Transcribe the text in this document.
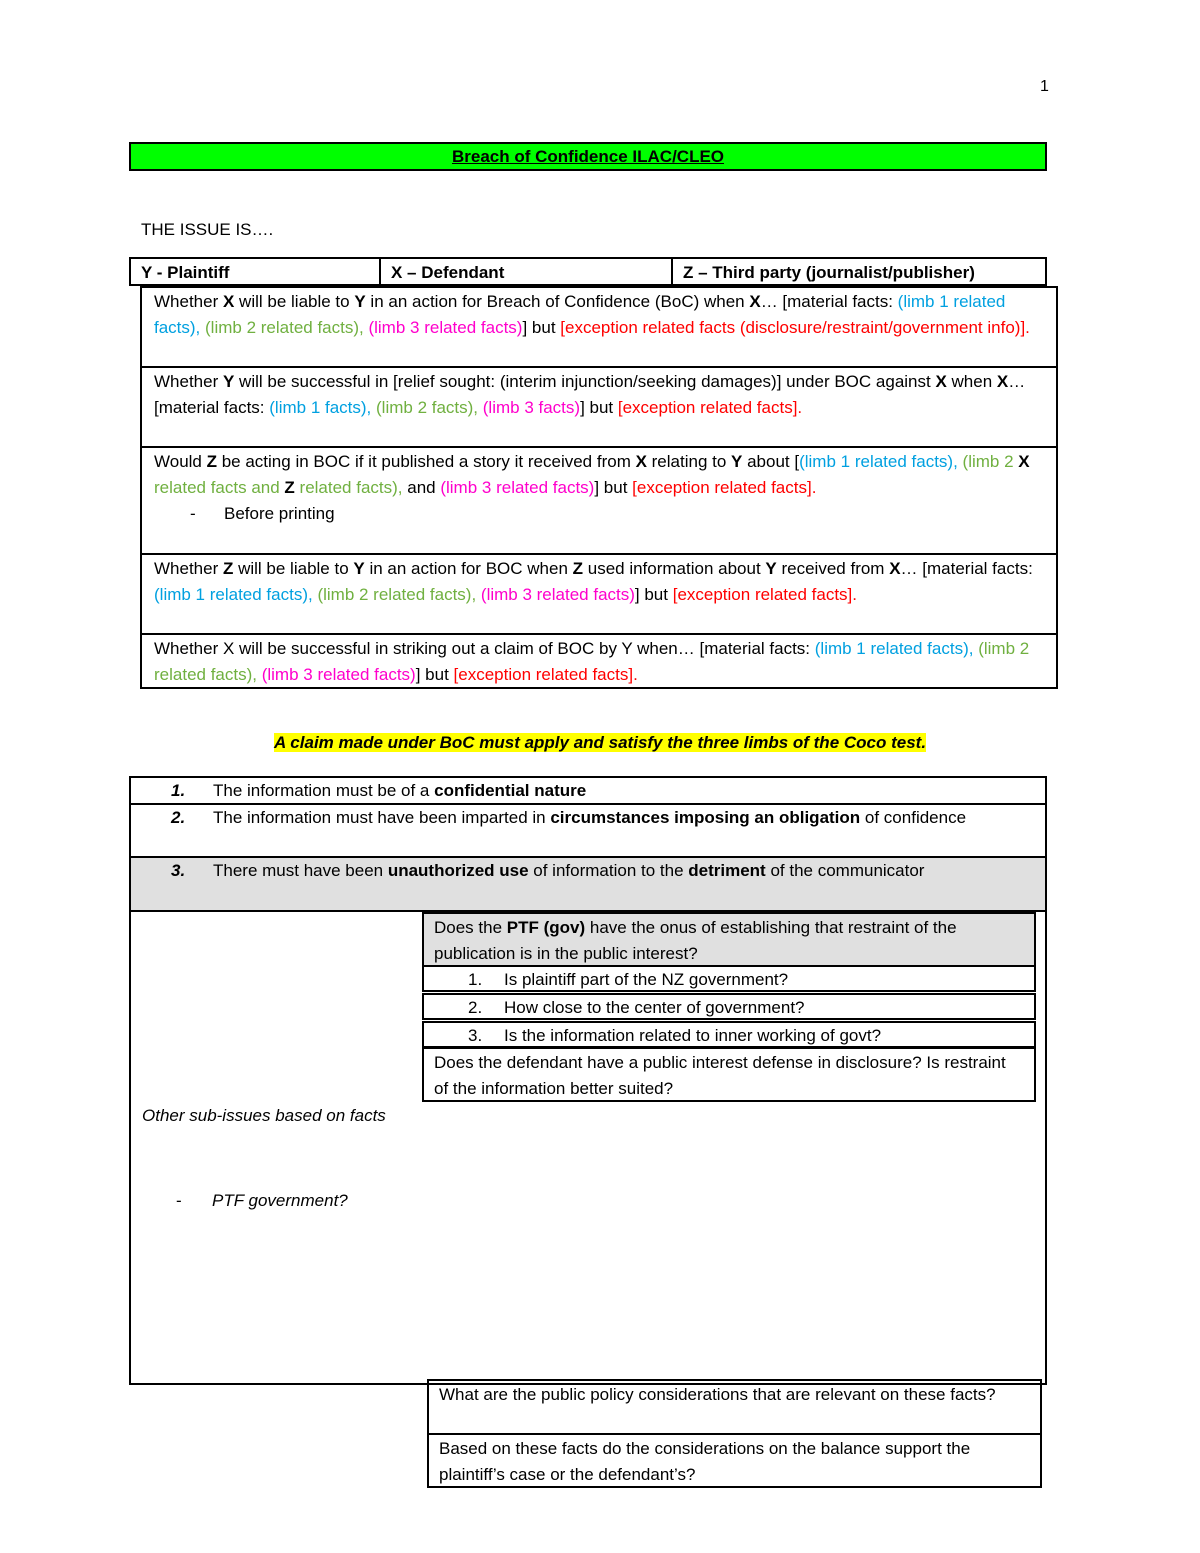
1
Breach of Confidence ILAC/CLEO
THE ISSUE IS….
Y - Plaintiff	X – Defendant	Z – Third party (journalist/publisher)
Whether X will be liable to Y in an action for Breach of Confidence (BoC) when X… [material facts: (limb 1 related facts), (limb 2 related facts), (limb 3 related facts)] but [exception related facts (disclosure/restraint/government info)].
Whether Y will be successful in [relief sought: (interim injunction/seeking damages)] under BOC against X when X… [material facts: (limb 1 facts), (limb 2 facts), (limb 3 facts)] but [exception related facts].
Would Z be acting in BOC if it published a story it received from X relating to Y about [(limb 1 related facts), (limb 2 X related facts and Z related facts), and (limb 3 related facts)] but [exception related facts].
- Before printing
Whether Z will be liable to Y in an action for BOC when Z used information about Y received from X… [material facts: (limb 1 related facts), (limb 2 related facts), (limb 3 related facts)] but [exception related facts].
Whether X will be successful in striking out a claim of BOC by Y when… [material facts: (limb 1 related facts), (limb 2 related facts), (limb 3 related facts)] but [exception related facts].
A claim made under BoC must apply and satisfy the three limbs of the Coco test.
1. The information must be of a confidential nature
2. The information must have been imparted in circumstances imposing an obligation of confidence
3. There must have been unauthorized use of information to the detriment of the communicator
Does the PTF (gov) have the onus of establishing that restraint of the publication is in the public interest?
1. Is plaintiff part of the NZ government?
2. How close to the center of government?
3. Is the information related to inner working of govt?
Does the defendant have a public interest defense in disclosure? Is restraint of the information better suited?
Other sub-issues based on facts
- PTF government?
What are the public policy considerations that are relevant on these facts?
Based on these facts do the considerations on the balance support the plaintiff’s case or the defendant’s?
